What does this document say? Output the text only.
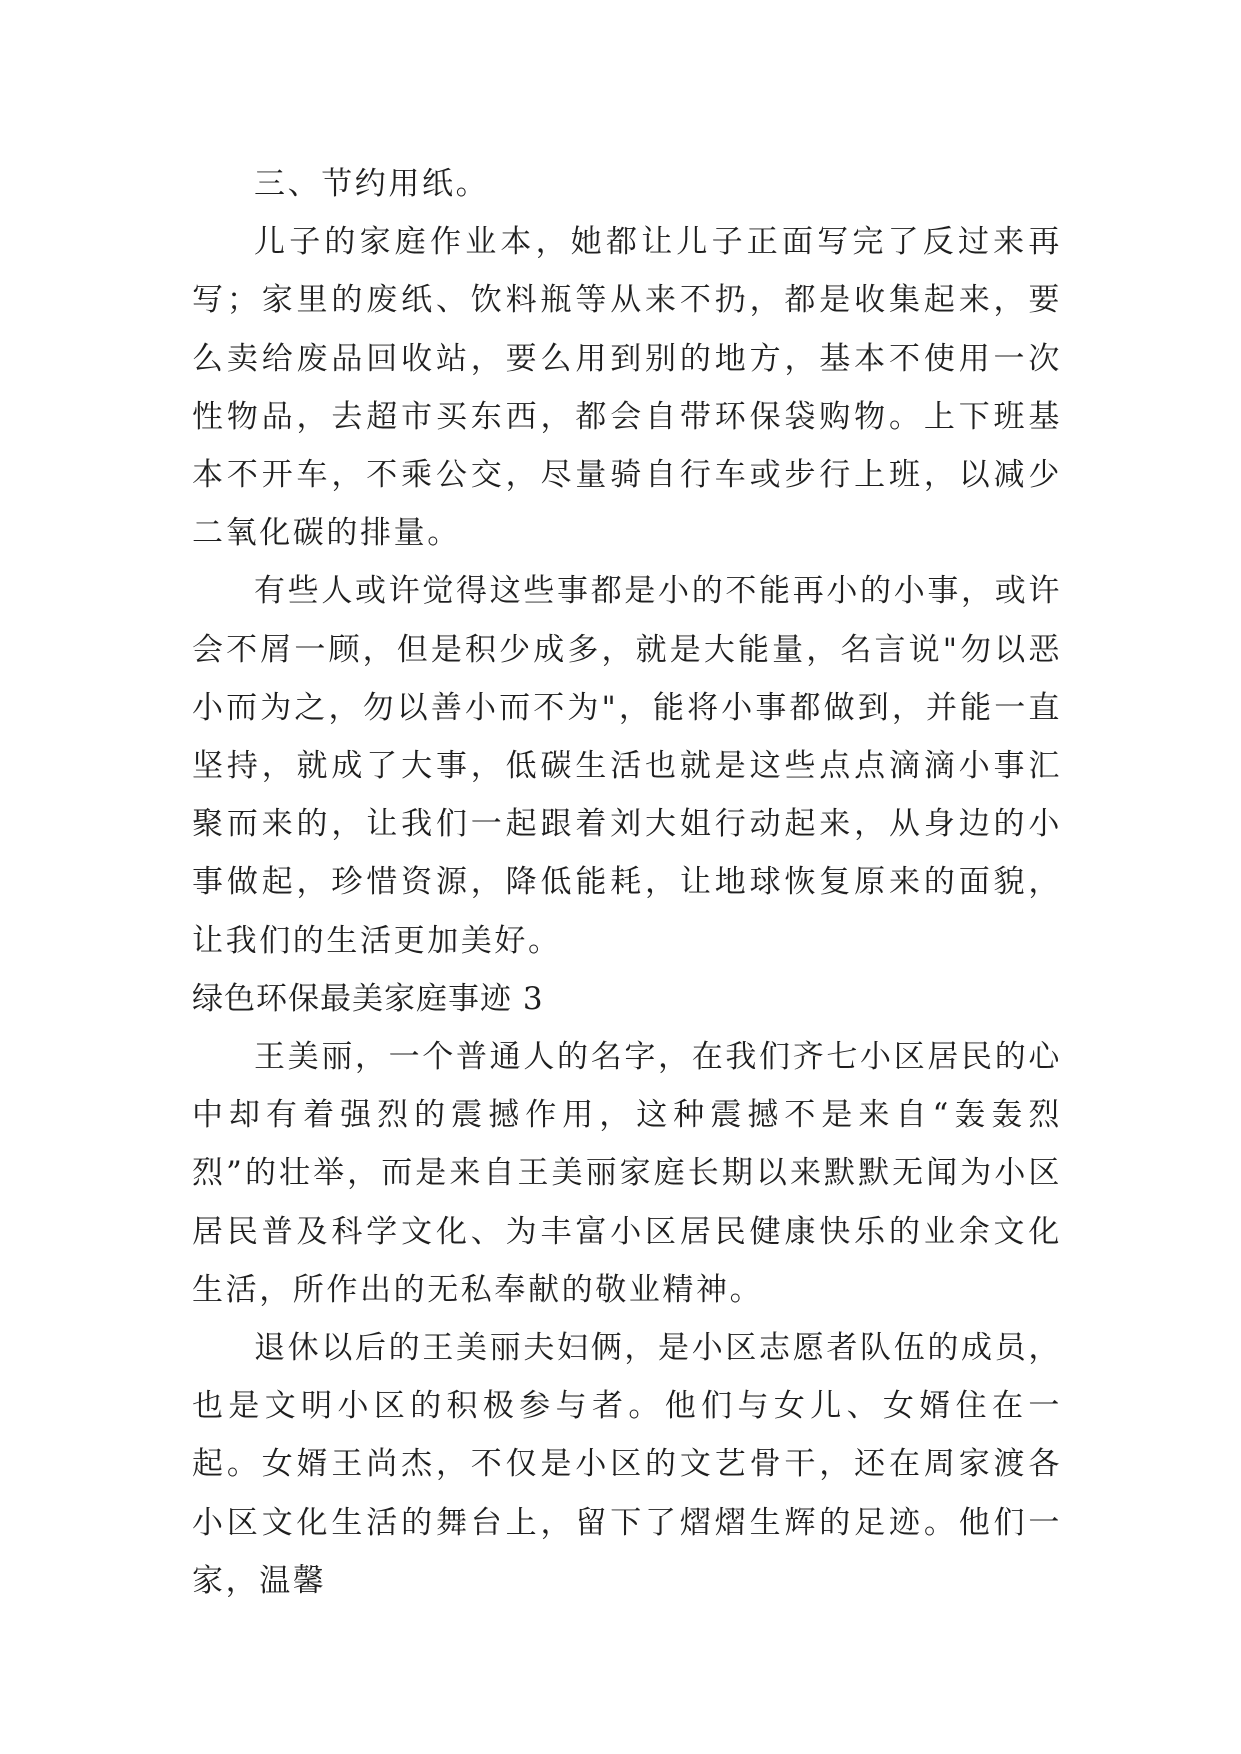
三、节约用纸。

儿子的家庭作业本，她都让儿子正面写完了反过来再写；家里的废纸、饮料瓶等从来不扔，都是收集起来，要么卖给废品回收站，要么用到别的地方，基本不使用一次性物品，去超市买东西，都会自带环保袋购物。上下班基本不开车，不乘公交，尽量骑自行车或步行上班，以减少二氧化碳的排量。

有些人或许觉得这些事都是小的不能再小的小事，或许会不屑一顾，但是积少成多，就是大能量，名言说"勿以恶小而为之，勿以善小而不为"，能将小事都做到，并能一直坚持，就成了大事，低碳生活也就是这些点点滴滴小事汇聚而来的，让我们一起跟着刘大姐行动起来，从身边的小事做起，珍惜资源，降低能耗，让地球恢复原来的面貌，让我们的生活更加美好。

绿色环保最美家庭事迹 3

王美丽，一个普通人的名字，在我们齐七小区居民的心中却有着强烈的震撼作用，这种震撼不是来自“轰轰烈烈”的壮举，而是来自王美丽家庭长期以来默默无闻为小区居民普及科学文化、为丰富小区居民健康快乐的业余文化生活，所作出的无私奉献的敬业精神。

退休以后的王美丽夫妇俩，是小区志愿者队伍的成员，也是文明小区的积极参与者。他们与女儿、女婿住在一起。女婿王尚杰，不仅是小区的文艺骨干，还在周家渡各小区文化生活的舞台上，留下了熠熠生辉的足迹。他们一家，温馨
